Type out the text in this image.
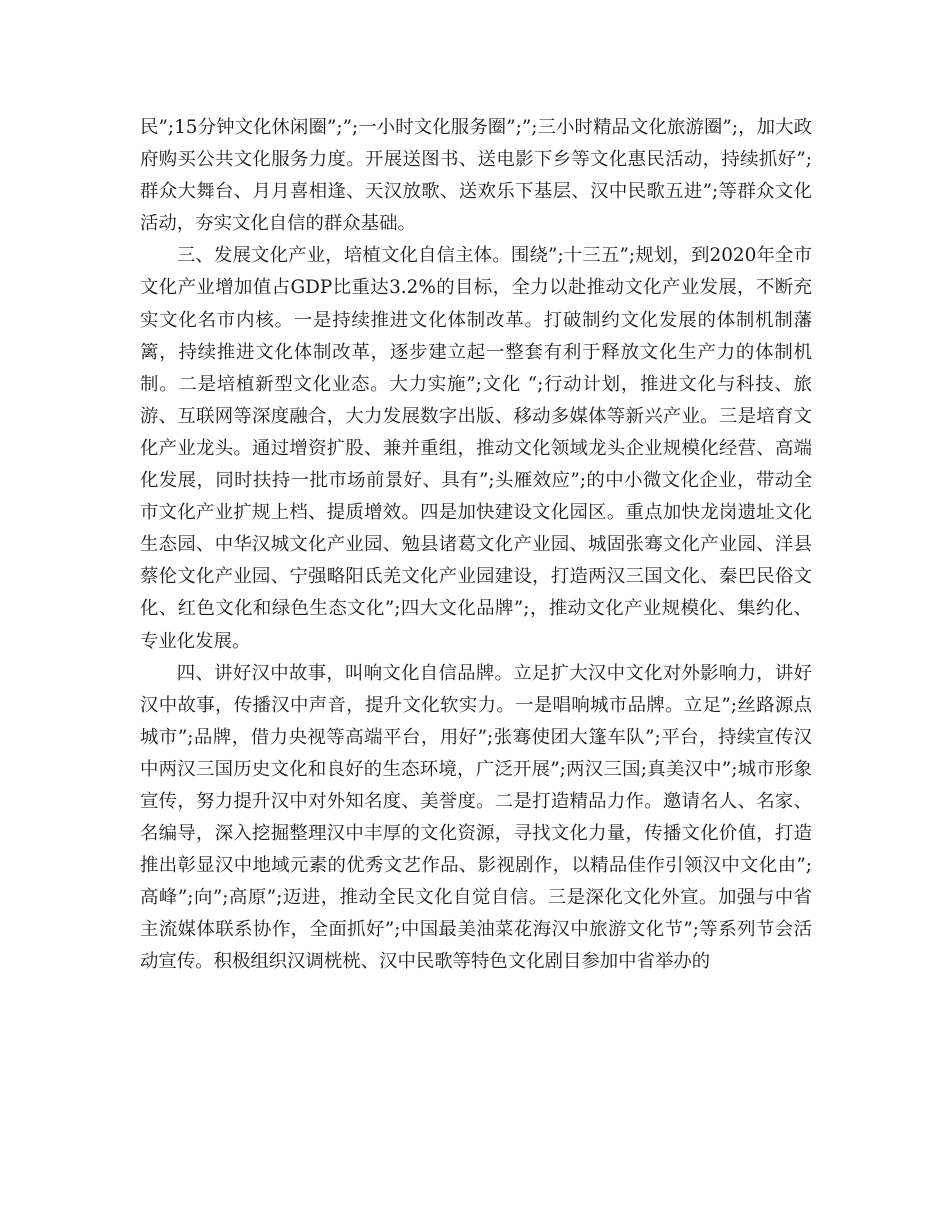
民”;15分钟文化休闲圈”;”;一小时文化服务圈”;”;三小时精品文化旅游圈”;，加大政府购买公共文化服务力度。开展送图书、送电影下乡等文化惠民活动，持续抓好”;群众大舞台、月月喜相逢、天汉放歌、送欢乐下基层、汉中民歌五进”;等群众文化活动，夯实文化自信的群众基础。

三、发展文化产业，培植文化自信主体。围绕”;十三五”;规划，到2020年全市文化产业增加值占GDP比重达3.2%的目标，全力以赴推动文化产业发展，不断充实文化名市内核。一是持续推进文化体制改革。打破制约文化发展的体制机制藩篱，持续推进文化体制改革，逐步建立起一整套有利于释放文化生产力的体制机制。二是培植新型文化业态。大力实施”;文化 “;行动计划，推进文化与科技、旅游、互联网等深度融合，大力发展数字出版、移动多媒体等新兴产业。三是培育文化产业龙头。通过增资扩股、兼并重组，推动文化领域龙头企业规模化经营、高端化发展，同时扶持一批市场前景好、具有”;头雁效应”;的中小微文化企业，带动全市文化产业扩规上档、提质增效。四是加快建设文化园区。重点加快龙岗遗址文化生态园、中华汉城文化产业园、勉县诸葛文化产业园、城固张骞文化产业园、洋县蔡伦文化产业园、宁强略阳氐羌文化产业园建设，打造两汉三国文化、秦巴民俗文化、红色文化和绿色生态文化”;四大文化品牌”;，推动文化产业规模化、集约化、专业化发展。

四、讲好汉中故事，叫响文化自信品牌。立足扩大汉中文化对外影响力，讲好汉中故事，传播汉中声音，提升文化软实力。一是唱响城市品牌。立足”;丝路源点城市”;品牌，借力央视等高端平台，用好”;张骞使团大篷车队”;平台，持续宣传汉中两汉三国历史文化和良好的生态环境，广泛开展”;两汉三国;真美汉中”;城市形象宣传，努力提升汉中对外知名度、美誉度。二是打造精品力作。邀请名人、名家、名编导，深入挖掘整理汉中丰厚的文化资源，寻找文化力量，传播文化价值，打造推出彰显汉中地域元素的优秀文艺作品、影视剧作，以精品佳作引领汉中文化由”;高峰”;向”;高原”;迈进，推动全民文化自觉自信。三是深化文化外宣。加强与中省主流媒体联系协作，全面抓好”;中国最美油菜花海汉中旅游文化节”;等系列节会活动宣传。积极组织汉调桄桄、汉中民歌等特色文化剧目参加中省举办的
